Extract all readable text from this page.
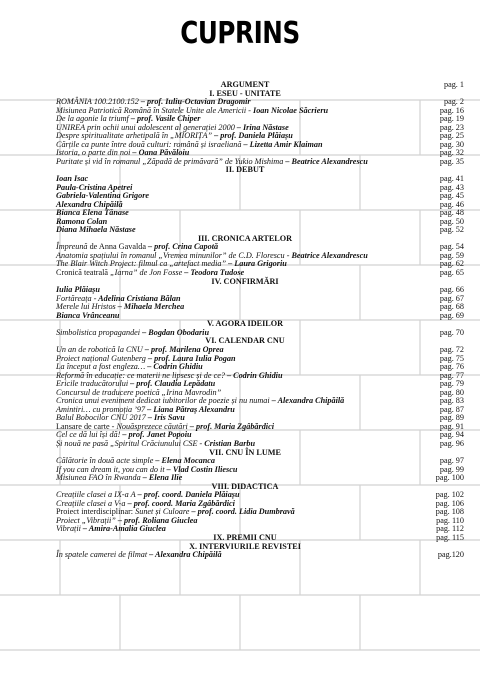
CUPRINS
ARGUMENT	pag. 1
I. ESEU - UNITATE
ROMÂNIA 100.2100.152 – prof. Iuliu-Octavian Dragomir	pag. 2
Misiunea Patriotică Română în Statele Unite ale Americii - Ioan Nicolae Săcrieru	pag. 16
De la agonie la triumf – prof. Vasile Chiper	pag. 19
UNIREA prin ochii unui adolescent al generației 2000 – Irina Năstase	pag. 23
Despre spiritualitate arhetipală în „MIORIȚA” – prof. Daniela Plăiașu	pag. 25
Cărțile ca punte între două culturi: română și israeliană – Lizetta Amir Klaiman	pag. 30
Istoria, o parte din noi – Oana Păvăloiu	pag. 32
Puritate și vid în romanul „Zăpadă de primăvară” de Yukio Mishima – Beatrice Alexandrescu	pag. 35
II. DEBUT
Ioan Isac	pag. 41
Paula-Cristina Apetrei	pag. 43
Gabriela-Valentina Grigore	pag. 45
Alexandra Chipăilă	pag. 46
Bianca Elena Tănase	pag. 48
Ramona Colan	pag. 50
Diana Mihaela Năstase	pag. 52
III. CRONICA ARTELOR
Împreună de Anna Gavalda – prof. Crina Capotă	pag. 54
Anatomia spațiului în romanul „Vremea minunilor” de C.D. Florescu - Beatrice Alexandrescu	pag. 59
The Blair Witch Project: filmul ca „artefact media” – Laura Grigoriu	pag. 62
Cronică teatrală „Iarna” de Jon Fosse – Teodora Tudose	pag. 65
IV. CONFIRMĂRI
Iulia Plăiașu	pag. 66
Fortăreața - Adelina Cristiana Bălan	pag. 67
Merele lui Hristos – Mihaela Merchea	pag. 68
Bianca Vrânceanu	pag. 69
V. AGORA IDEILOR
Simbolistica propagandei – Bogdan Obodariu	pag. 70
VI. CALENDAR CNU
Un an de robotică la CNU – prof. Marilena Oprea	pag. 72
Proiect național Gutenberg – prof. Laura Iulia Pogan	pag. 75
La început a fost engleza… – Codrin Ghidiu	pag. 76
Reformă în educație: ce materii ne lipsesc și de ce? – Codrin Ghidiu	pag. 77
Ericile traducătorului – prof. Claudia Lepădatu	pag. 79
Concursul de traducere poetică „Irina Mavrodin”	pag. 80
Cronica unui eveniment dedicat iubitorilor de poezie și nu numai – Alexandra Chipăilă	pag. 83
Amintiri… cu promoția ’97 – Liana Pătraș Alexandru	pag. 87
Balul Bobocilor CNU 2017 – Iris Savu	pag. 89
Lansare de carte - Nouăsprezece căutări – prof. Maria Zgâbărdici	pag. 91
Cel ce dă lui își dă! – prof. Janet Popoiu	pag. 94
Și nouă ne pasă „Spiritul Crăciunului CSE - Cristian Barbu	pag. 96
VII. CNU ÎN LUME
Călătorie în două acte simple – Elena Mocanca	pag. 97
If you can dream it, you can do it – Vlad Costin Iliescu	pag. 99
Misiunea FAO în Rwanda – Elena Ilie	pag. 100
VIII. DIDACTICA
Creațiile clasei a IX-a A – prof. coord. Daniela Plăiașu	pag. 102
Creațiile clasei a V-a – prof. coord. Maria Zgâbărdici	pag. 106
Proiect interdisciplinar: Sunet și Culoare – prof. coord. Lidia Dumbravă	pag. 108
Proiect „Vibrații” – prof. Roliana Giuclea	pag. 110
Vibrații – Amira-Amalia Giuclea	pag. 112
IX. PREMII CNU	pag. 115
X. INTERVIURILE REVISTEI
În spatele camerei de filmat – Alexandra Chipăilă	pag.120
